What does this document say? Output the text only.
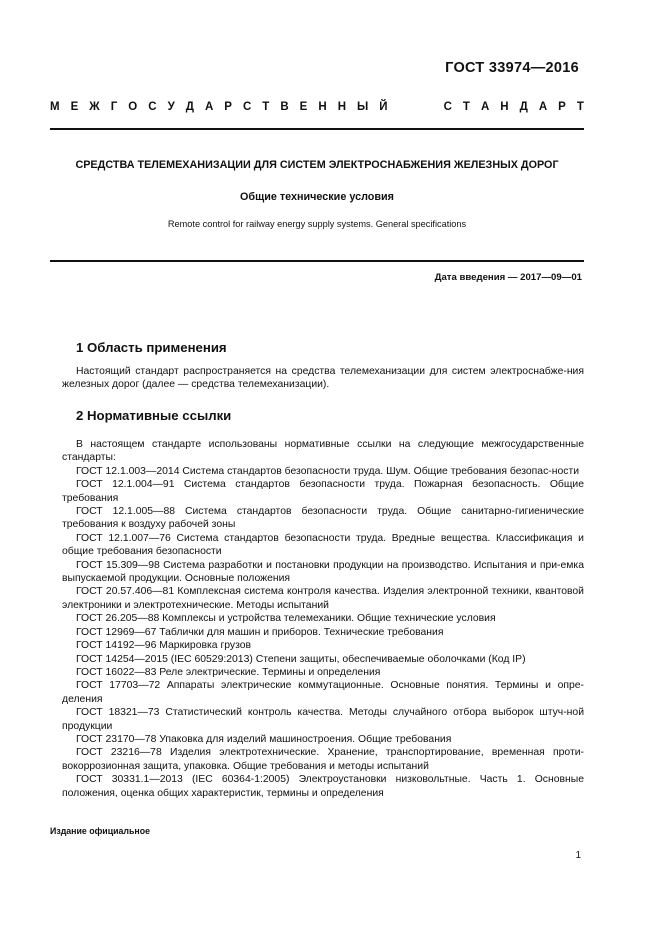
ГОСТ 33974—2016
М Е Ж Г О С У Д А Р С Т В Е Н Н Ы Й	С Т А Н Д А Р Т
СРЕДСТВА ТЕЛЕМЕХАНИЗАЦИИ ДЛЯ СИСТЕМ ЭЛЕКТРОСНАБЖЕНИЯ ЖЕЛЕЗНЫХ ДОРОГ
Общие технические условия
Remote control for railway energy supply systems. General specifications
Дата введения — 2017—09—01
1 Область применения

Настоящий стандарт распространяется на средства телемеханизации для систем электроснабже-ния железных дорог (далее — средства телемеханизации).

2 Нормативные ссылки

В настоящем стандарте использованы нормативные ссылки на следующие межгосударственные стандарты:

ГОСТ 12.1.003—2014 Система стандартов безопасности труда. Шум. Общие требования безопас-ности

ГОСТ 12.1.004—91 Система стандартов безопасности труда. Пожарная безопасность. Общие требования

ГОСТ 12.1.005—88 Система стандартов безопасности труда. Общие санитарно-гигиенические требования к воздуху рабочей зоны

ГОСТ 12.1.007—76 Система стандартов безопасности труда. Вредные вещества. Классификация и общие требования безопасности

ГОСТ 15.309—98 Система разработки и постановки продукции на производство. Испытания и при-емка выпускаемой продукции. Основные положения

ГОСТ 20.57.406—81 Комплексная система контроля качества. Изделия электронной техники, квантовой электроники и электротехнические. Методы испытаний

ГОСТ 26.205—88 Комплексы и устройства телемеханики. Общие технические условия

ГОСТ 12969—67 Таблички для машин и приборов. Технические требования

ГОСТ 14192—96 Маркировка грузов

ГОСТ 14254—2015 (IEC 60529:2013) Степени защиты, обеспечиваемые оболочками (Код IP)

ГОСТ 16022—83 Реле электрические. Термины и определения

ГОСТ 17703—72 Аппараты электрические коммутационные. Основные понятия. Термины и опре-деления

ГОСТ 18321—73 Статистический контроль качества. Методы случайного отбора выборок штуч-ной продукции

ГОСТ 23170—78 Упаковка для изделий машиностроения. Общие требования

ГОСТ 23216—78 Изделия электротехнические. Хранение, транспортирование, временная проти-вокоррозионная защита, упаковка. Общие требования и методы испытаний

ГОСТ 30331.1—2013 (IEC 60364-1:2005) Электроустановки низковольтные. Часть 1. Основные положения, оценка общих характеристик, термины и определения

Издание официальное
1
